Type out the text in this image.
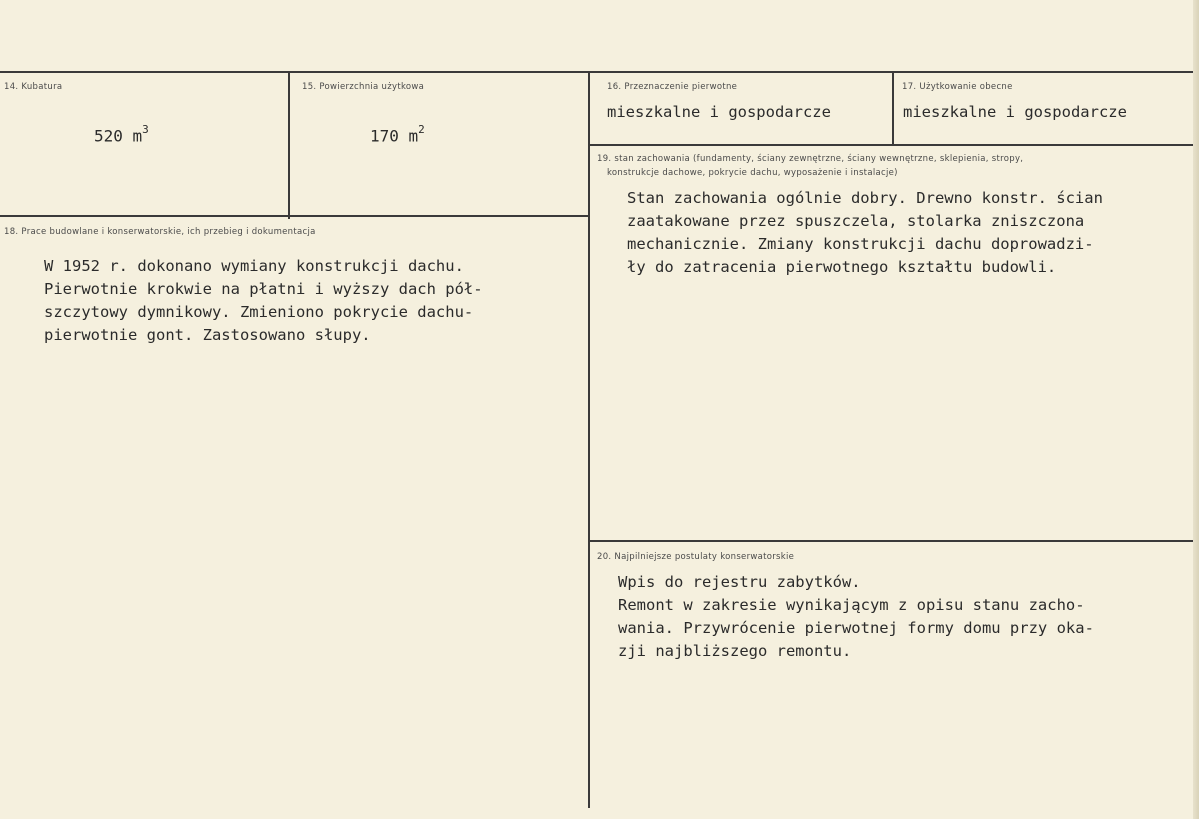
14. Kubatura
520 $m^3$
15. Powierzchnia użytkowa
170 $m^2$
16. Przeznaczenie pierwotne
mieszkalne i gospodarcze
17. Użytkowanie obecne
mieszkalne i gospodarcze
19. stan zachowania (fundamenty, ściany zewnętrzne, ściany wewnętrzne, sklepienia, stropy,
konstrukcje dachowe, pokrycie dachu, wyposażenie i instalacje)
Stan zachowania ogólnie dobry. Drewno konstr. ścian
zaatakowane przez spuszczela, stolarka zniszczona
mechanicznie. Zmiany konstrukcji dachu doprowadzi-
ły do zatracenia pierwotnego kształtu budowli.
18. Prace budowlane i konserwatorskie, ich przebieg i dokumentacja
W 1952 r. dokonano wymiany konstrukcji dachu.
Pierwotnie krokwie na płatni i wyższy dach pół-
szczytowy dymnikowy. Zmieniono pokrycie dachu-
pierwotnie gont. Zastosowano słupy.
20. Najpilniejsze postulaty konserwatorskie
Wpis do rejestru zabytków.
Remont w zakresie wynikającym z opisu stanu zacho-
wania. Przywrócenie pierwotnej formy domu przy oka-
zji najbliższego remontu.
